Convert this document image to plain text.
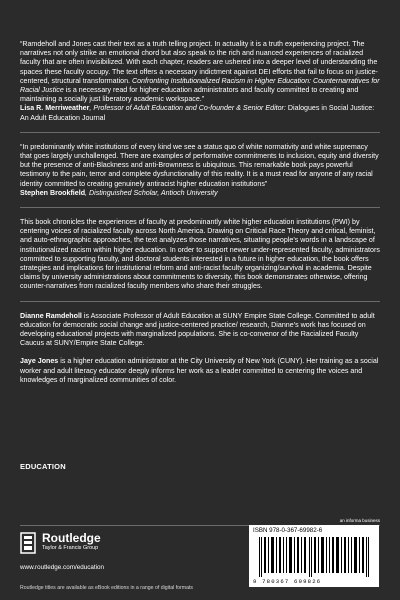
“Ramdeholl and Jones cast their text as a truth telling project. In actuality it is a truth experiencing project. The narratives not only strike an emotional chord but also speak to the rich and nuanced experiences of racialized faculty that are often invisibilized. With each chapter, readers are ushered into a deeper level of understanding the spaces these faculty occupy. The text offers a necessary indictment against DEI efforts that fail to focus on justice-centered, structural transformation. Confronting Institutionalized Racism in Higher Education: Counternarratives for Racial Justice is a necessary read for higher education administrators and faculty committed to creating and maintaining a socially just liberatory academic workspace.”

Lisa R. Merriweather, Professor of Adult Education and Co-founder & Senior Editor: Dialogues in Social Justice: An Adult Education Journal

“In predominantly white institutions of every kind we see a status quo of white normativity and white supremacy that goes largely unchallenged. There are examples of performative commitments to inclusion, equity and diversity but the presence of anti-Blackness and anti-Brownness is ubiquitous. This remarkable book pays powerful testimony to the pain, terror and complete dysfunctionality of this reality. It is a must read for anyone of any racial identity committed to creating genuinely antiracist higher education institutions”

Stephen Brookfield, Distinguished Scholar, Antioch University

This book chronicles the experiences of faculty at predominantly white higher education institutions (PWI) by centering voices of racialized faculty across North America. Drawing on Critical Race Theory and critical, feminist, and auto-ethnographic approaches, the text analyzes those narratives, situating people’s words in a landscape of institutionalized racism within higher education. In order to support newer under-represented faculty, administrators committed to supporting faculty, and doctoral students interested in a future in higher education, the book offers strategies and implications for institutional reform and anti-racist faculty organizing/survival in academia. Despite claims by university administrations about commitments to diversity, this book demonstrates otherwise, offering counter-narratives from racialized faculty members who share their struggles.

Dianne Ramdeholl is Associate Professor of Adult Education at SUNY Empire State College. Committed to adult education for democratic social change and justice-centered practice/ research, Dianne’s work has focused on developing educational projects with marginalized populations. She is co-convenor of the Racialized Faculty Caucus at SUNY/Empire State College.

Jaye Jones is a higher education administrator at the City University of New York (CUNY). Her training as a social worker and adult literacy educator deeply informs her work as a leader committed to centering the voices and knowledges of marginalized communities of color.

EDUCATION
an informa business
Routledge
Taylor & Francis Group
www.routledge.com/education
Routledge titles are available as eBook editions in a range of digital formats
ISBN 978-0-367-69982-6
9 780367 699826
